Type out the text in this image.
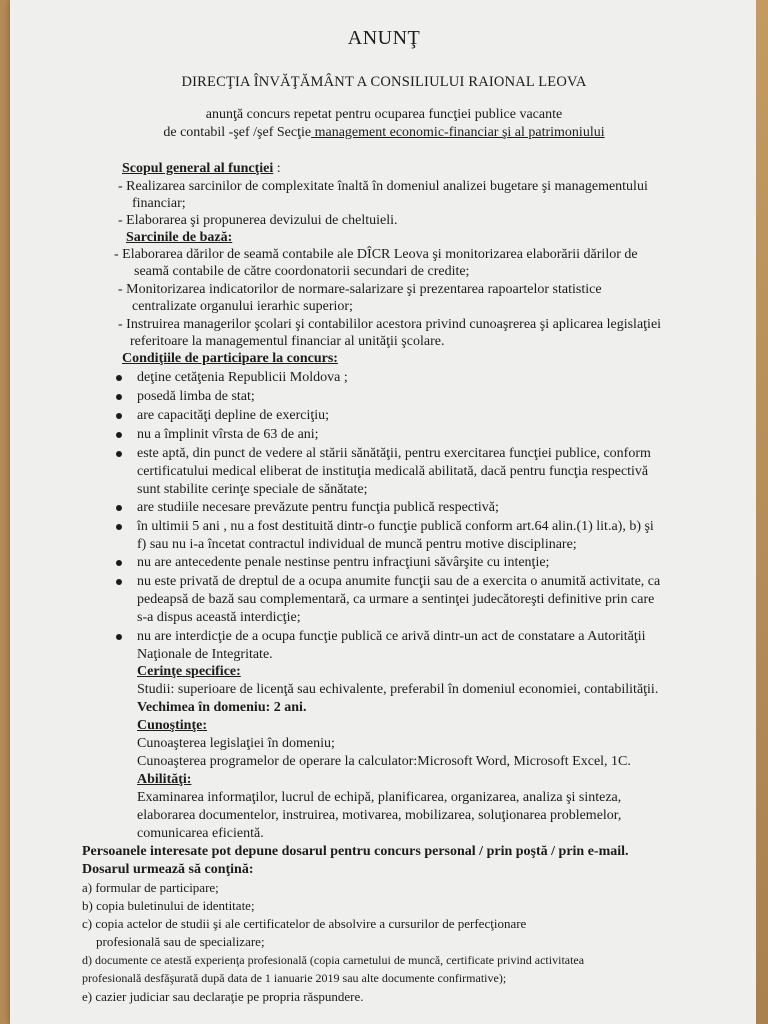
ANUNŢ
DIRECŢIA ÎNVĂŢĂMÂNT A CONSILIULUI RAIONAL LEOVA
anunţă concurs repetat pentru ocuparea funcţiei publice vacante
de contabil -şef /şef Secţie management economic-financiar şi al patrimoniului
Scopul general al funcţiei :
- Realizarea sarcinilor de complexitate înaltă în domeniul analizei bugetare şi managementului
financiar;
- Elaborarea şi propunerea devizului de cheltuieli.
Sarcinile de bază:
- Elaborarea dărilor de seamă contabile ale DÎCR Leova şi monitorizarea elaborării dărilor de
seamă contabile de către coordonatorii secundari de credite;
- Monitorizarea indicatorilor de normare-salarizare şi prezentarea rapoartelor statistice
centralizate organului ierarhic superior;
- Instruirea managerilor şcolari şi contabililor acestora privind cunoaşrerea şi aplicarea legislaţiei
referitoare la managementul financiar al unităţii şcolare.
Condiţiile de participare la concurs:
deţine cetăţenia Republicii Moldova ;
posedă limba de stat;
are capacităţi depline de exerciţiu;
nu a împlinit vîrsta de 63 de ani;
este aptă, din punct de vedere al stării sănătăţii, pentru exercitarea funcţiei publice, conform
certificatului medical eliberat de instituţia medicală abilitată, dacă pentru funcţia respectivă
sunt stabilite cerinţe speciale de sănătate;
are studiile necesare prevăzute pentru funcţia publică respectivă;
în ultimii 5 ani , nu a fost destituită dintr-o funcţie publică conform art.64 alin.(1) lit.a), b) şi
f) sau nu i-a încetat contractul individual de muncă pentru motive disciplinare;
nu are antecedente penale nestinse pentru infracţiuni săvârşite cu intenţie;
nu este privată de dreptul de a ocupa anumite funcţii sau de a exercita o anumită activitate, ca
pedeapsă de bază sau complementară, ca urmare a sentinţei judecătoreşti definitive prin care
s-a dispus această interdicţie;
nu are interdicţie de a ocupa funcţie publică ce arivă dintr-un act de constatare a Autorităţii
Naţionale de Integritate.
Cerinţe specifice:
Studii: superioare de licenţă sau echivalente, preferabil în domeniul economiei, contabilităţii.
Vechimea în domeniu: 2 ani.
Cunoştinţe:
Cunoaşterea legislaţiei în domeniu;
Cunoaşterea programelor de operare la calculator:Microsoft Word, Microsoft Excel, 1C.
Abilităţi:
Examinarea informaţilor, lucrul de echipă, planificarea, organizarea, analiza şi sinteza,
elaborarea documentelor, instruirea, motivarea, mobilizarea, soluţionarea problemelor,
comunicarea eficientă.
Persoanele interesate pot depune dosarul pentru concurs personal / prin poştă / prin e-mail.
Dosarul urmează să conţină:
a) formular de participare;
b) copia buletinului de identitate;
c) copia actelor de studii şi ale certificatelor de absolvire a cursurilor de perfecţionare
profesională sau de specializare;
d) documente ce atestă experienţa profesională (copia carnetului de muncă, certificate privind activitatea
profesională desfăşurată după data de 1 ianuarie 2019 sau alte documente confirmative);
e) cazier judiciar sau declaraţie pe propria răspundere.
